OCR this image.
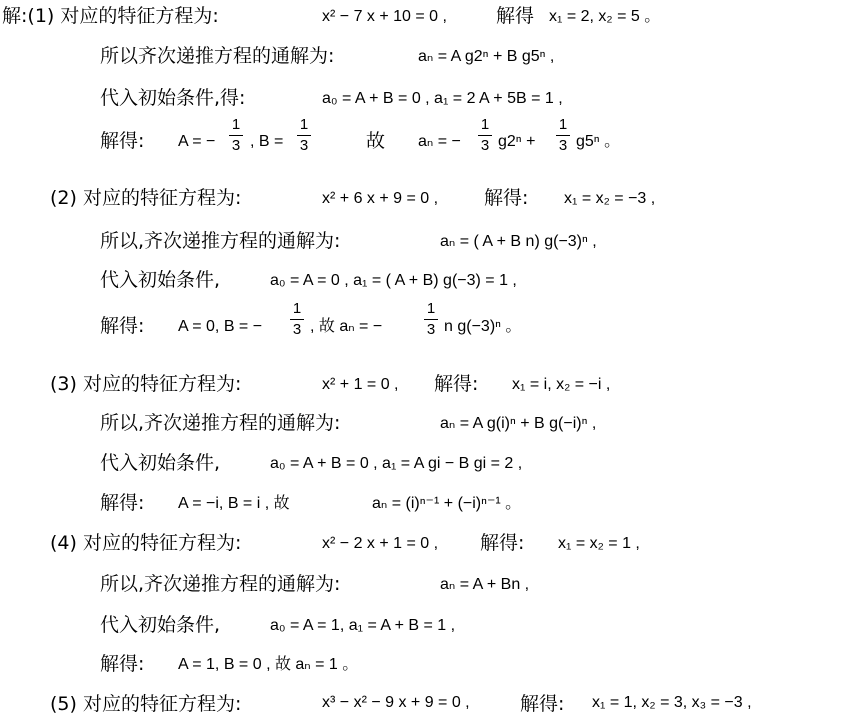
解:(1) 对应的特征方程为:	x² − 7 x + 10 = 0 ,	解得 x₁ = 2, x₂ = 5 。
所以齐次递推方程的通解为:	aₙ = A g2ⁿ + B g5ⁿ ,
代入初始条件,得:	a₀ = A + B = 0 , a₁ = 2 A + 5B = 1 ,
解得: A = −
1
3 , B =
1
3	故 aₙ = −
1
3 g2ⁿ +
1
3 g5ⁿ 。
(2) 对应的特征方程为:	x² + 6 x + 9 = 0 , 解得: x₁ = x₂ = −3 ,
所以,齐次递推方程的通解为:	aₙ = ( A + B n) g(−3)ⁿ ,
代入初始条件,	a₀ = A = 0 , a₁ = ( A + B) g(−3) = 1 ,
解得: A = 0, B = −
1
3 , 故 aₙ = −
1
3 n g(−3)ⁿ 。
(3) 对应的特征方程为:	x² + 1 = 0 , 解得: x₁ = i, x₂ = −i ,
所以,齐次递推方程的通解为:	aₙ = A g(i)ⁿ + B g(−i)ⁿ ,
代入初始条件,	a₀ = A + B = 0 , a₁ = A gi − B gi = 2 ,
解得: A = −i, B = i , 故	aₙ = (i)ⁿ⁻¹ + (−i)ⁿ⁻¹ 。
(4) 对应的特征方程为:	x² − 2 x + 1 = 0 , 解得: x₁ = x₂ = 1 ,
所以,齐次递推方程的通解为:	aₙ = A + Bn ,
代入初始条件,	a₀ = A = 1, a₁ = A + B = 1 ,
解得: A = 1, B = 0 , 故 aₙ = 1 。
(5) 对应的特征方程为:	x³ − x² − 9 x + 9 = 0 ,	解得: x₁ = 1, x₂ = 3, x₃ = −3 ,
